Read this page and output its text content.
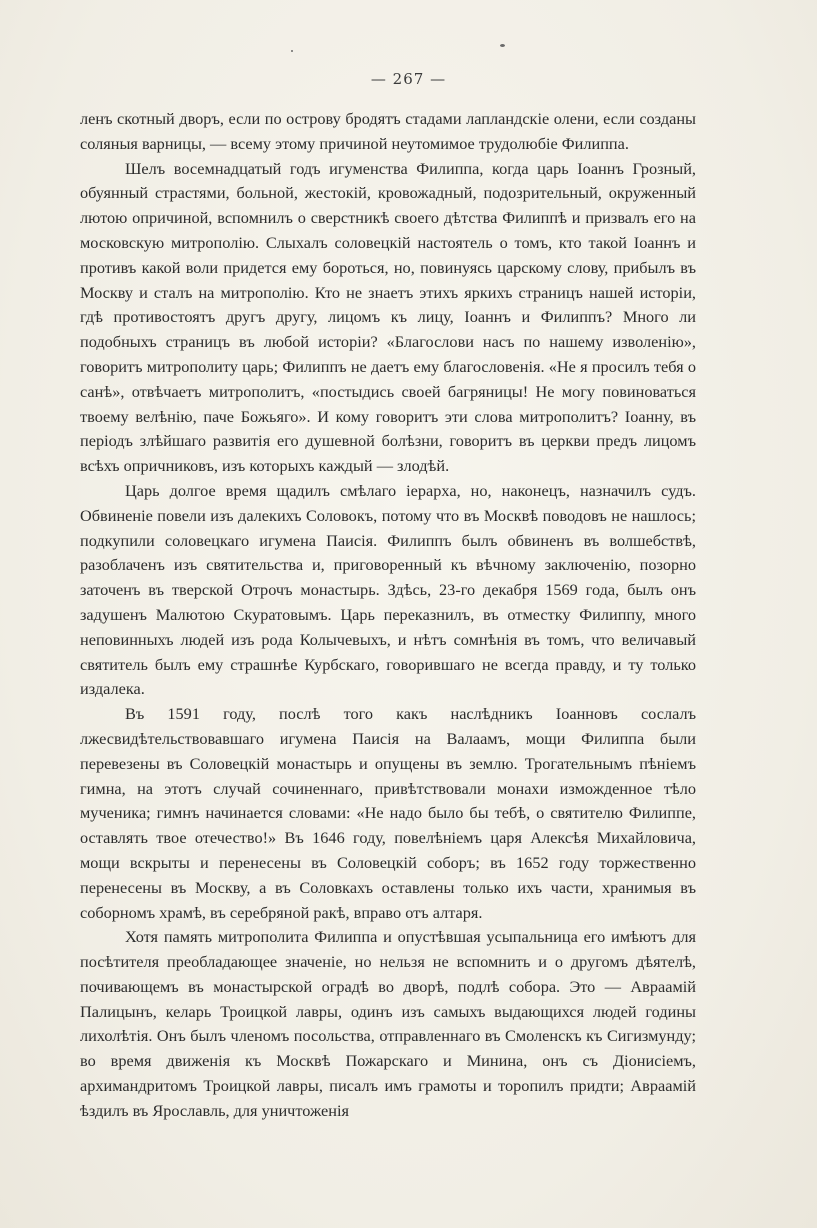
— 267 —

ленъ скотный дворъ, если по острову бродятъ стадами лапландскіе олени, если созданы соляныя варницы, — всему этому причиной неутомимое трудолюбіе Филиппа.

Шелъ восемнадцатый годъ игуменства Филиппа, когда царь Іоаннъ Грозный, обуянный страстями, больной, жестокій, кровожадный, подозрительный, окруженный лютою опричиной, вспомнилъ о сверстникѣ своего дѣтства Филиппѣ и призвалъ его на московскую митрополію. Слыхалъ соловецкій настоятель о томъ, кто такой Іоаннъ и противъ какой воли придется ему бороться, но, повинуясь царскому слову, прибылъ въ Москву и сталъ на митрополію. Кто не знаетъ этихъ яркихъ страницъ нашей исторіи, гдѣ противостоятъ другъ другу, лицомъ къ лицу, Іоаннъ и Филиппъ? Много ли подобныхъ страницъ въ любой исторіи? «Благослови насъ по нашему изволенію», говоритъ митрополиту царь; Филиппъ не даетъ ему благословенія. «Не я просилъ тебя о санѣ», отвѣчаетъ митрополитъ, «постыдись своей багряницы! Не могу повиноваться твоему велѣнію, паче Божьяго». И кому говоритъ эти слова митрополитъ? Іоанну, въ періодъ злѣйшаго развитія его душевной болѣзни, говоритъ въ церкви предъ лицомъ всѣхъ опричниковъ, изъ которыхъ каждый — злодѣй.

Царь долгое время щадилъ смѣлаго іерарха, но, наконецъ, назначилъ судъ. Обвиненіе повели изъ далекихъ Соловокъ, потому что въ Москвѣ поводовъ не нашлось; подкупили соловецкаго игумена Паисія. Филиппъ былъ обвиненъ въ волшебствѣ, разоблаченъ изъ святительства и, приговоренный къ вѣчному заключенію, позорно заточенъ въ тверской Отрочъ монастырь. Здѣсь, 23-го декабря 1569 года, былъ онъ задушенъ Малютою Скуратовымъ. Царь переказнилъ, въ отместку Филиппу, много неповинныхъ людей изъ рода Колычевыхъ, и нѣтъ сомнѣнія въ томъ, что величавый святитель былъ ему страшнѣе Курбскаго, говорившаго не всегда правду, и ту только издалека.

Въ 1591 году, послѣ того какъ наслѣдникъ Іоанновъ сослалъ лжесвидѣтельствовавшаго игумена Паисія на Валаамъ, мощи Филиппа были перевезены въ Соловецкій монастырь и опущены въ землю. Трогательнымъ пѣніемъ гимна, на этотъ случай сочиненнаго, привѣтствовали монахи изможденное тѣло мученика; гимнъ начинается словами: «Не надо было бы тебѣ, о святителю Филиппе, оставлять твое отечество!» Въ 1646 году, повелѣніемъ царя Алексѣя Михайловича, мощи вскрыты и перенесены въ Соловецкій соборъ; въ 1652 году торжественно перенесены въ Москву, а въ Соловкахъ оставлены только ихъ части, хранимыя въ соборномъ храмѣ, въ серебряной ракѣ, вправо отъ алтаря.

Хотя память митрополита Филиппа и опустѣвшая усыпальница его имѣютъ для посѣтителя преобладающее значеніе, но нельзя не вспомнить и о другомъ дѣятелѣ, почивающемъ въ монастырской оградѣ во дворѣ, подлѣ собора. Это — Авраамій Палицынъ, келарь Троицкой лавры, одинъ изъ самыхъ выдающихся людей годины лихолѣтія. Онъ былъ членомъ посольства, отправленнаго въ Смоленскъ къ Сигизмунду; во время движенія къ Москвѣ Пожарскаго и Минина, онъ съ Діонисіемъ, архимандритомъ Троицкой лавры, писалъ имъ грамоты и торопилъ придти; Авраамій ѣздилъ въ Ярославль, для уничтоженія
